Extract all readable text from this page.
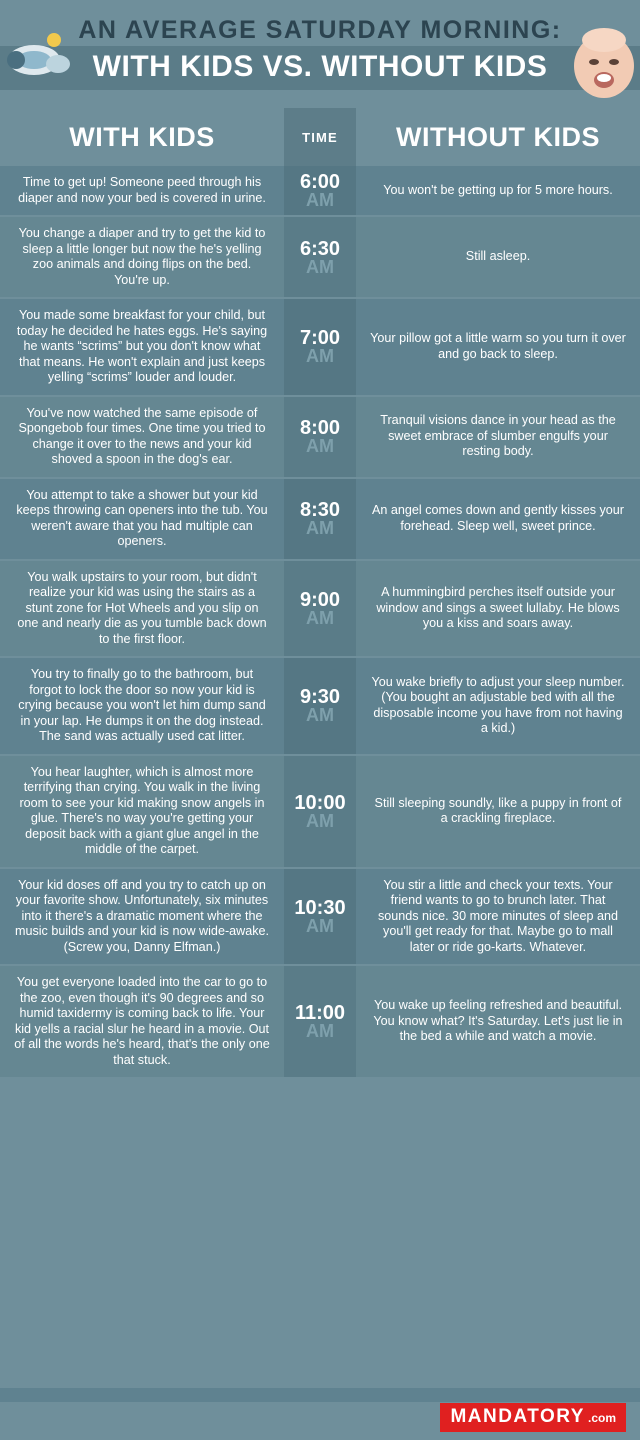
AN AVERAGE SATURDAY MORNING:
WITH KIDS VS. WITHOUT KIDS
WITH KIDS	TIME	WITHOUT KIDS
Time to get up! Someone peed through his diaper and now your bed is covered in urine.
6:00
AM
You won't be getting up for 5 more hours.
You change a diaper and try to get the kid to sleep a little longer but now the he's yelling zoo animals and doing flips on the bed. You're up.
6:30
AM
Still asleep.
You made some breakfast for your child, but today he decided he hates eggs. He's saying he wants “scrims” but you don't know what that means. He won't explain and just keeps yelling “scrims” louder and louder.
7:00
AM
Your pillow got a little warm so you turn it over and go back to sleep.
You've now watched the same episode of Spongebob four times. One time you tried to change it over to the news and your kid shoved a spoon in the dog's ear.
8:00
AM
Tranquil visions dance in your head as the sweet embrace of slumber engulfs your resting body.
You attempt to take a shower but your kid keeps throwing can openers into the tub. You weren't aware that you had multiple can openers.
8:30
AM
An angel comes down and gently kisses your forehead. Sleep well, sweet prince.
You walk upstairs to your room, but didn't realize your kid was using the stairs as a stunt zone for Hot Wheels and you slip on one and nearly die as you tumble back down to the first floor.
9:00
AM
A hummingbird perches itself outside your window and sings a sweet lullaby. He blows you a kiss and soars away.
You try to finally go to the bathroom, but forgot to lock the door so now your kid is crying because you won't let him dump sand in your lap. He dumps it on the dog instead. The sand was actually used cat litter.
9:30
AM
You wake briefly to adjust your sleep number. (You bought an adjustable bed with all the disposable income you have from not having a kid.)
You hear laughter, which is almost more terrifying than crying. You walk in the living room to see your kid making snow angels in glue. There's no way you're getting your deposit back with a giant glue angel in the middle of the carpet.
10:00
AM
Still sleeping soundly, like a puppy in front of a crackling fireplace.
Your kid doses off and you try to catch up on your favorite show. Unfortunately, six minutes into it there's a dramatic moment where the music builds and your kid is now wide-awake. (Screw you, Danny Elfman.)
10:30
AM
You stir a little and check your texts. Your friend wants to go to brunch later. That sounds nice. 30 more minutes of sleep and you'll get ready for that. Maybe go to mall later or ride go-karts. Whatever.
You get everyone loaded into the car to go to the zoo, even though it's 90 degrees and so humid taxidermy is coming back to life. Your kid yells a racial slur he heard in a movie. Out of all the words he's heard, that's the only one that stuck.
11:00
AM
You wake up feeling refreshed and beautiful. You know what? It's Saturday. Let's just lie in the bed a while and watch a movie.
MANDATORY .com
